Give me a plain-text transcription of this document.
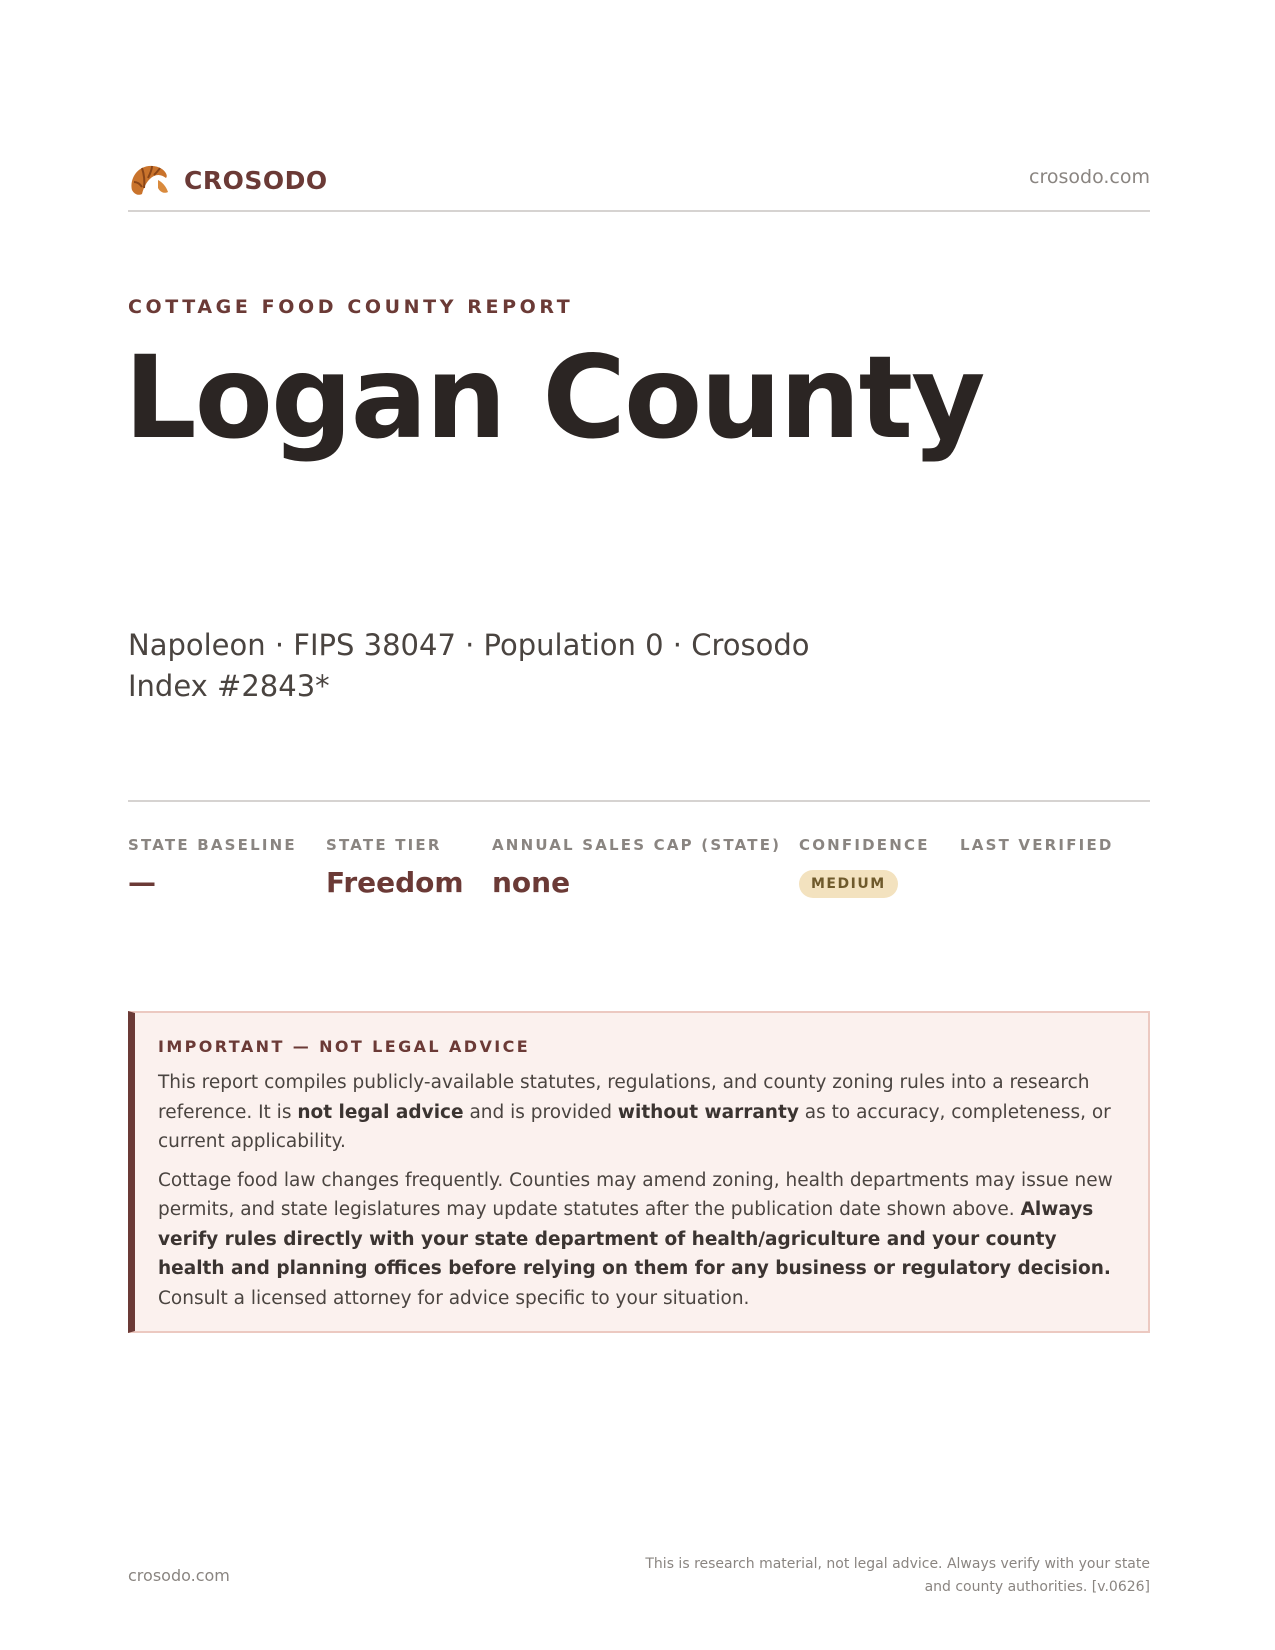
CROSODO	crosodo.com
COTTAGE FOOD COUNTY REPORT
Logan County
Napoleon · FIPS 38047 · Population 0 · Crosodo Index #2843*
STATE BASELINE
—
STATE TIER
Freedom
ANNUAL SALES CAP (STATE)
none
CONFIDENCE
MEDIUM
LAST VERIFIED
IMPORTANT — NOT LEGAL ADVICE

This report compiles publicly-available statutes, regulations, and county zoning rules into a research reference. It is not legal advice and is provided without warranty as to accuracy, completeness, or current applicability.

Cottage food law changes frequently. Counties may amend zoning, health departments may issue new permits, and state legislatures may update statutes after the publication date shown above. Always verify rules directly with your state department of health/agriculture and your county health and planning offices before relying on them for any business or regulatory decision. Consult a licensed attorney for advice specific to your situation.

crosodo.com
This is research material, not legal advice. Always verify with your state
and county authorities. [v.0626]
